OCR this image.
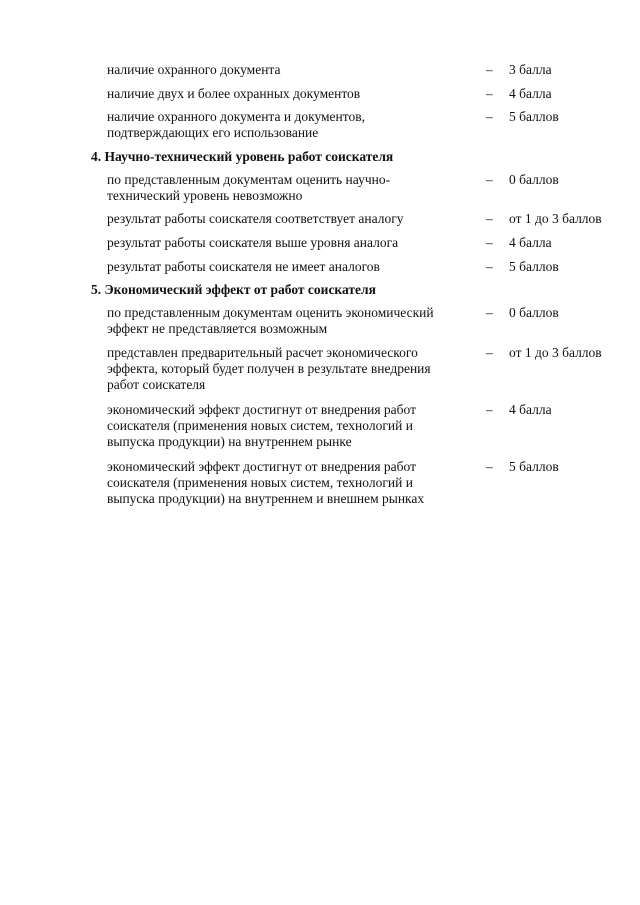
наличие охранного документа	– 3 балла
наличие двух и более охранных документов	– 4 балла
наличие охранного документа и документов,
подтверждающих его использование
– 5 баллов
4. Научно-технический уровень работ соискателя
по представленным документам оценить научно-
технический уровень невозможно
– 0 баллов
результат работы соискателя соответствует аналогу	– от 1 до 3 баллов
результат работы соискателя выше уровня аналога	– 4 балла
результат работы соискателя не имеет аналогов	– 5 баллов
5. Экономический эффект от работ соискателя
по представленным документам оценить экономический
эффект не представляется возможным
– 0 баллов
представлен предварительный расчет экономического
эффекта, который будет получен в результате внедрения
работ соискателя
– от 1 до 3 баллов
экономический эффект достигнут от внедрения работ
соискателя (применения новых систем, технологий и
выпуска продукции) на внутреннем рынке
– 4 балла
экономический эффект достигнут от внедрения работ
соискателя (применения новых систем, технологий и
выпуска продукции) на внутреннем и внешнем рынках
– 5 баллов
